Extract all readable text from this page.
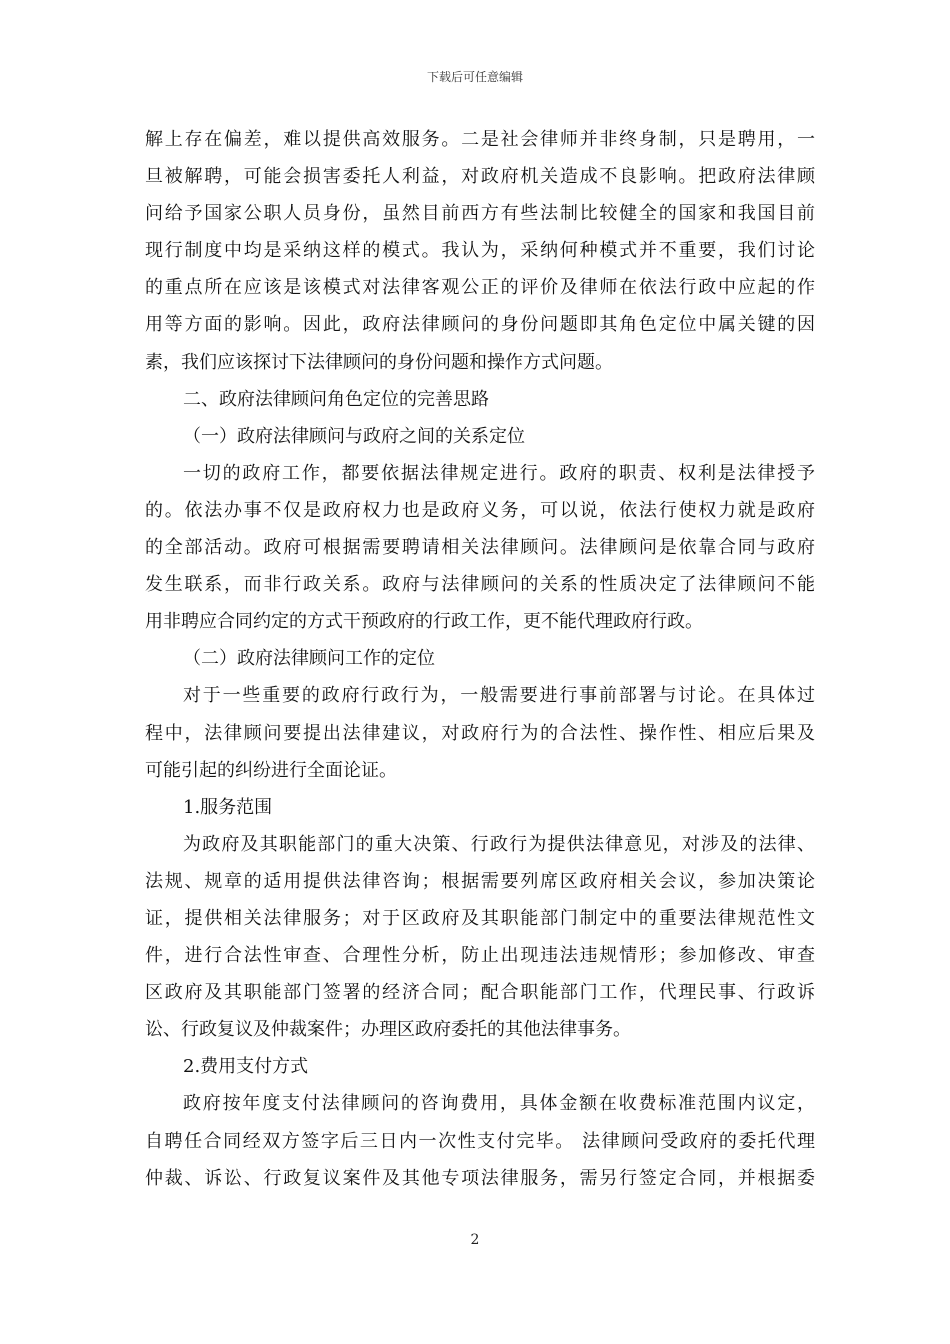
下载后可任意编辑
解上存在偏差，难以提供高效服务。二是社会律师并非终身制，只是聘用，一
旦被解聘，可能会损害委托人利益，对政府机关造成不良影响。把政府法律顾
问给予国家公职人员身份，虽然目前西方有些法制比较健全的国家和我国目前
现行制度中均是采纳这样的模式。我认为，采纳何种模式并不重要，我们讨论
的重点所在应该是该模式对法律客观公正的评价及律师在依法行政中应起的作
用等方面的影响。因此，政府法律顾问的身份问题即其角色定位中属关键的因
素，我们应该探讨下法律顾问的身份问题和操作方式问题。
二、政府法律顾问角色定位的完善思路
（一）政府法律顾问与政府之间的关系定位
一切的政府工作，都要依据法律规定进行。政府的职责、权利是法律授予
的。依法办事不仅是政府权力也是政府义务，可以说，依法行使权力就是政府
的全部活动。政府可根据需要聘请相关法律顾问。法律顾问是依靠合同与政府
发生联系，而非行政关系。政府与法律顾问的关系的性质决定了法律顾问不能
用非聘应合同约定的方式干预政府的行政工作，更不能代理政府行政。
（二）政府法律顾问工作的定位
对于一些重要的政府行政行为，一般需要进行事前部署与讨论。在具体过
程中，法律顾问要提出法律建议，对政府行为的合法性、操作性、相应后果及
可能引起的纠纷进行全面论证。
1.服务范围
为政府及其职能部门的重大决策、行政行为提供法律意见，对涉及的法律、
法规、规章的适用提供法律咨询；根据需要列席区政府相关会议，参加决策论
证，提供相关法律服务；对于区政府及其职能部门制定中的重要法律规范性文
件，进行合法性审查、合理性分析，防止出现违法违规情形；参加修改、审查
区政府及其职能部门签署的经济合同；配合职能部门工作，代理民事、行政诉
讼、行政复议及仲裁案件；办理区政府委托的其他法律事务。
2.费用支付方式
政府按年度支付法律顾问的咨询费用，具体金额在收费标准范围内议定，
自聘任合同经双方签字后三日内一次性支付完毕。 法律顾问受政府的委托代理
仲裁、诉讼、行政复议案件及其他专项法律服务，需另行签定合同，并根据委
2
